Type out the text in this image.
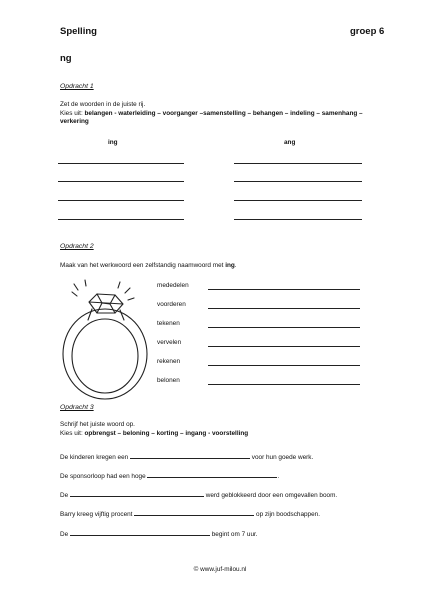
Spelling	groep 6
ng
Opdracht 1
Zet de woorden in de juiste rij.
Kies uit: belangen - waterleiding – voorganger –samenstelling – behangen – indeling – samenhang –
verkering
ing	ang
Opdracht 2
Maak van het werkwoord een zelfstandig naamwoord met ing.
mededelen
voorderen
tekenen
vervelen
rekenen
belonen
Opdracht 3
Schrijf het juiste woord op.
Kies uit: opbrengst – beloning – korting – ingang - voorstelling
De kinderen kregen een	voor hun goede werk.
De sponsorloop had een hoge	.
De	werd geblokkeerd door een omgevallen boom.
Barry kreeg vijftig procent	op zijn boodschappen.
De	begint om 7 uur.
© www.juf-milou.nl
